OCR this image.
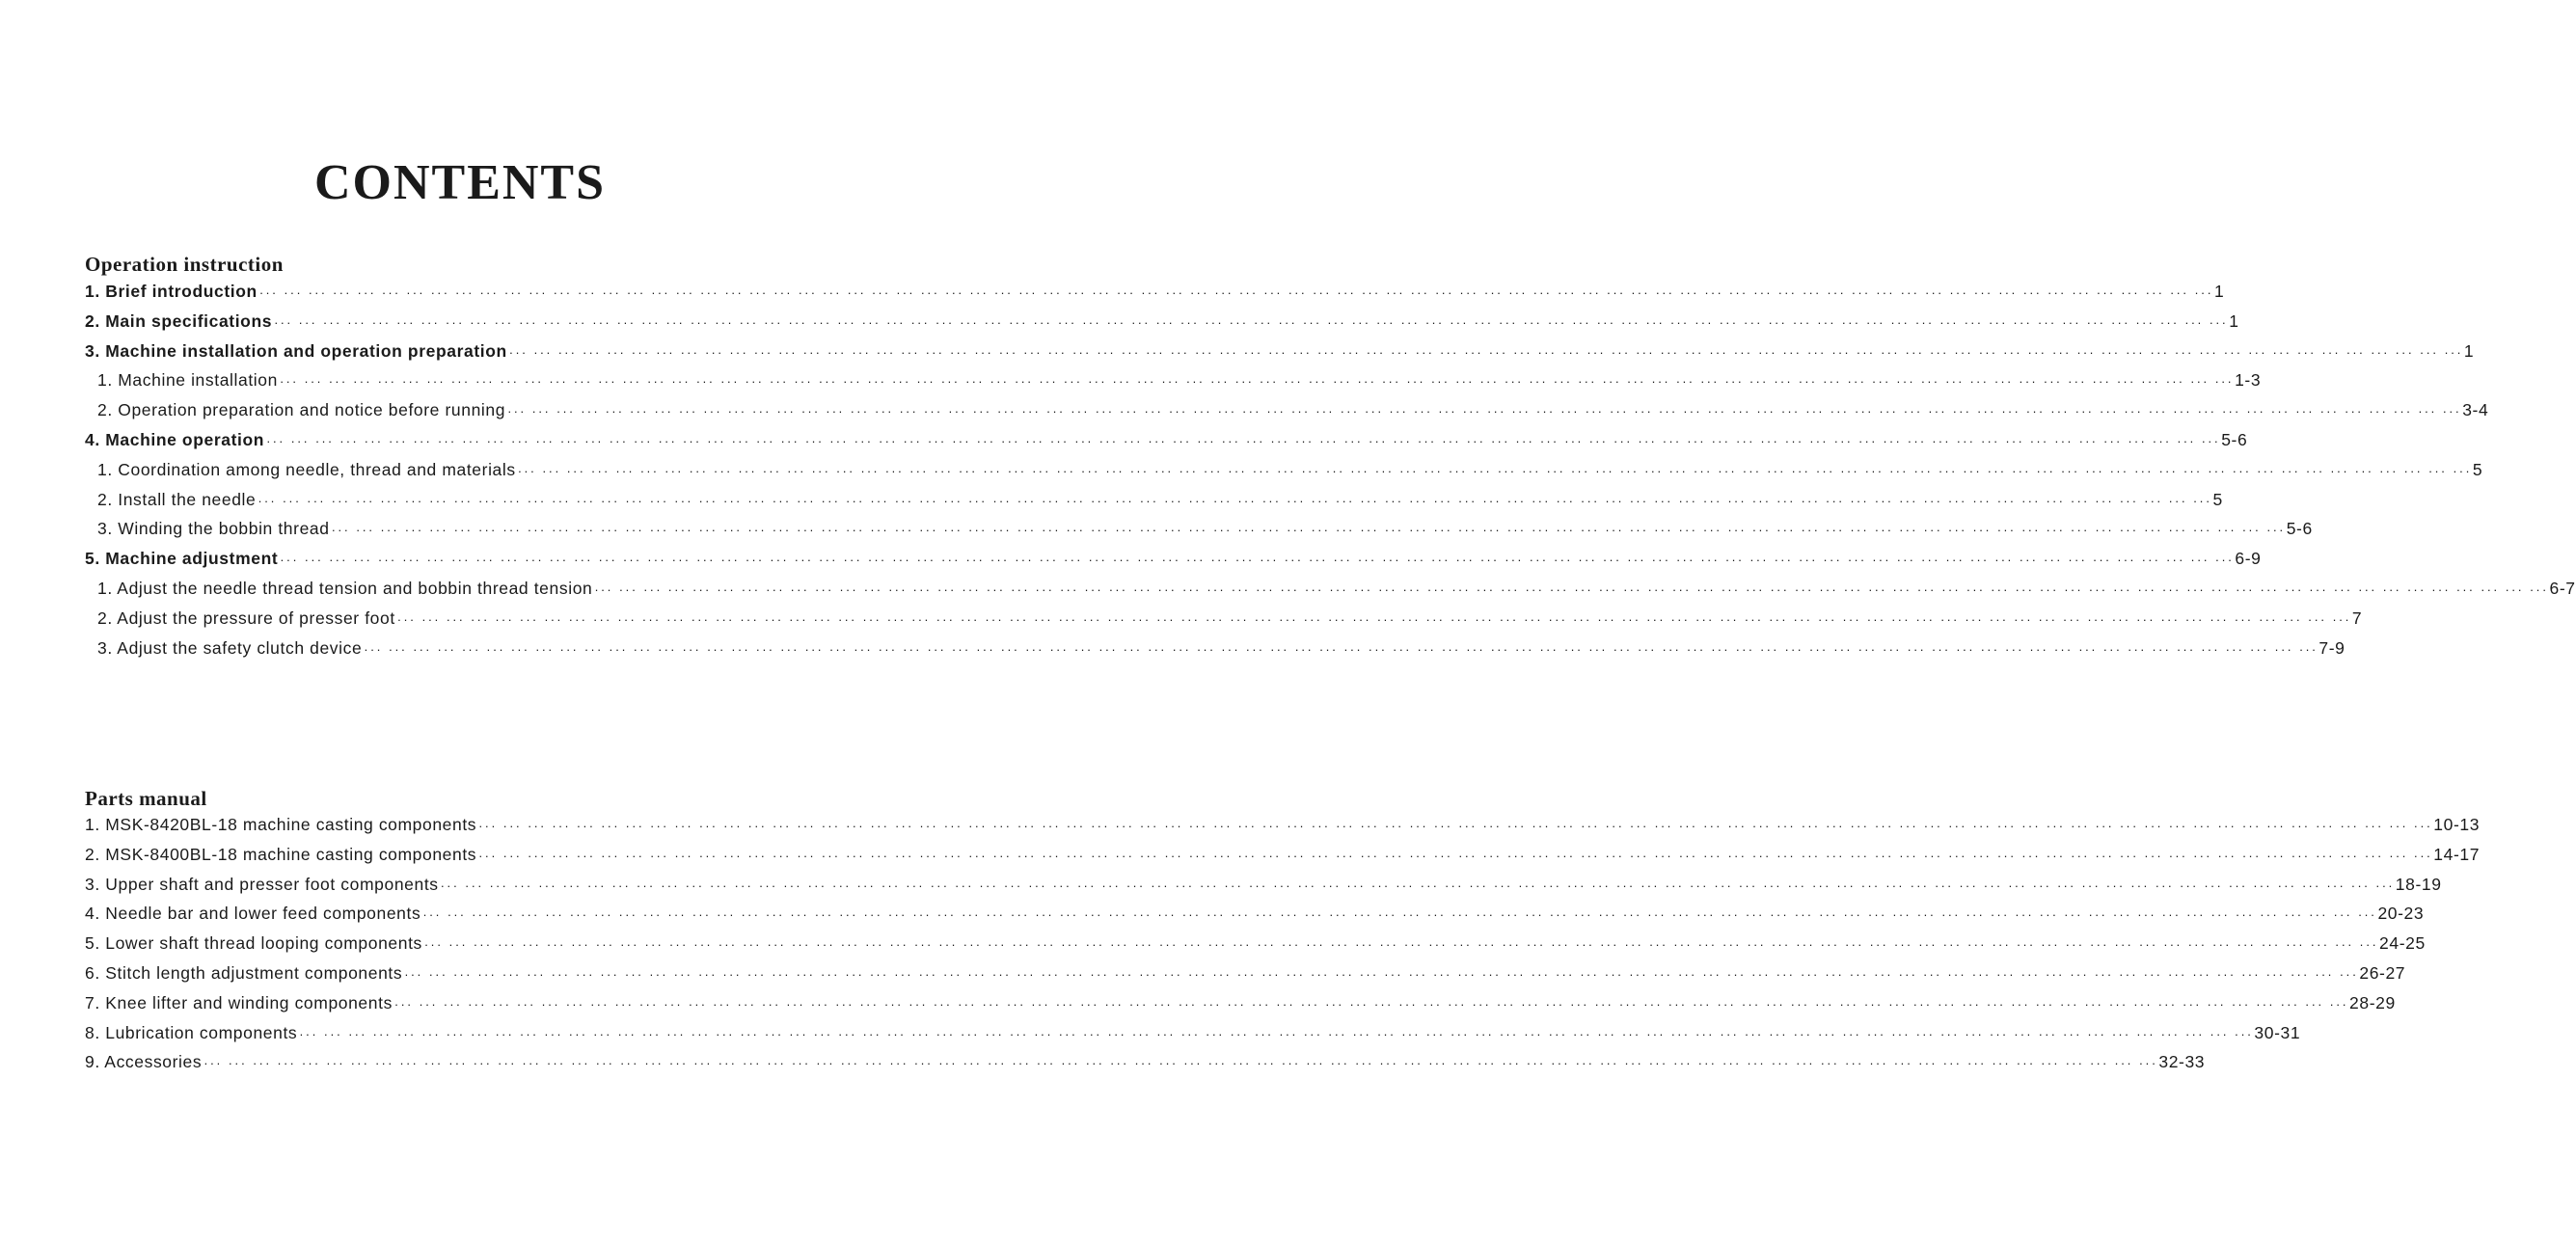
CONTENTS
Operation instruction
1. Brief introduction ··· ··· ··· ··· ··· ··· ··· ··· ··· ··· ··· ··· ··· ··· ··· ··· ··· ··· ··· ··· ··· ··· ··· ··· ··· ··· ··· ··· ··· ··· ··· ··· ··· ··· ··· ··· ··· ··· ··· ··· ··· ··· ··· ··· ··· ··· ··· ··· ··· ··· ··· ··· ··· ··· ··· ··· ··· ··· ··· ··· ··· ··· ··· ··· ··· ··· ··· ··· ··· ··· ··· ··· ··· ··· ··· ··· ··· ··· ··· ··· 1
2. Main specifications ··· ··· ··· ··· ··· ··· ··· ··· ··· ··· ··· ··· ··· ··· ··· ··· ··· ··· ··· ··· ··· ··· ··· ··· ··· ··· ··· ··· ··· ··· ··· ··· ··· ··· ··· ··· ··· ··· ··· ··· ··· ··· ··· ··· ··· ··· ··· ··· ··· ··· ··· ··· ··· ··· ··· ··· ··· ··· ··· ··· ··· ··· ··· ··· ··· ··· ··· ··· ··· ··· ··· ··· ··· ··· ··· ··· ··· ··· ··· ··· 1
3. Machine installation and operation preparation ··· ··· ··· ··· ··· ··· ··· ··· ··· ··· ··· ··· ··· ··· ··· ··· ··· ··· ··· ··· ··· ··· ··· ··· ··· ··· ··· ··· ··· ··· ··· ··· ··· ··· ··· ··· ··· ··· ··· ··· ··· ··· ··· ··· ··· ··· ··· ··· ··· ··· ··· ··· ··· ··· ··· ··· ··· ··· ··· ··· ··· ··· ··· ··· ··· ··· ··· ··· ··· ··· ··· ··· ··· ··· ··· ··· ··· ··· ··· ··· 1
1. Machine installation ··· ··· ··· ··· ··· ··· ··· ··· ··· ··· ··· ··· ··· ··· ··· ··· ··· ··· ··· ··· ··· ··· ··· ··· ··· ··· ··· ··· ··· ··· ··· ··· ··· ··· ··· ··· ··· ··· ··· ··· ··· ··· ··· ··· ··· ··· ··· ··· ··· ··· ··· ··· ··· ··· ··· ··· ··· ··· ··· ··· ··· ··· ··· ··· ··· ··· ··· ··· ··· ··· ··· ··· ··· ··· ··· ··· ··· ··· ··· ··· 1-3
2. Operation preparation and notice before running ··· ··· ··· ··· ··· ··· ··· ··· ··· ··· ··· ··· ··· ··· ··· ··· ··· ··· ··· ··· ··· ··· ··· ··· ··· ··· ··· ··· ··· ··· ··· ··· ··· ··· ··· ··· ··· ··· ··· ··· ··· ··· ··· ··· ··· ··· ··· ··· ··· ··· ··· ··· ··· ··· ··· ··· ··· ··· ··· ··· ··· ··· ··· ··· ··· ··· ··· ··· ··· ··· ··· ··· ··· ··· ··· ··· ··· ··· ··· ··· 3-4
4. Machine operation ··· ··· ··· ··· ··· ··· ··· ··· ··· ··· ··· ··· ··· ··· ··· ··· ··· ··· ··· ··· ··· ··· ··· ··· ··· ··· ··· ··· ··· ··· ··· ··· ··· ··· ··· ··· ··· ··· ··· ··· ··· ··· ··· ··· ··· ··· ··· ··· ··· ··· ··· ··· ··· ··· ··· ··· ··· ··· ··· ··· ··· ··· ··· ··· ··· ··· ··· ··· ··· ··· ··· ··· ··· ··· ··· ··· ··· ··· ··· ··· 5-6
1. Coordination among needle, thread and materials ··· ··· ··· ··· ··· ··· ··· ··· ··· ··· ··· ··· ··· ··· ··· ··· ··· ··· ··· ··· ··· ··· ··· ··· ··· ··· ··· ··· ··· ··· ··· ··· ··· ··· ··· ··· ··· ··· ··· ··· ··· ··· ··· ··· ··· ··· ··· ··· ··· ··· ··· ··· ··· ··· ··· ··· ··· ··· ··· ··· ··· ··· ··· ··· ··· ··· ··· ··· ··· ··· ··· ··· ··· ··· ··· ··· ··· ··· ··· ··· 5
2. Install the needle ··· ··· ··· ··· ··· ··· ··· ··· ··· ··· ··· ··· ··· ··· ··· ··· ··· ··· ··· ··· ··· ··· ··· ··· ··· ··· ··· ··· ··· ··· ··· ··· ··· ··· ··· ··· ··· ··· ··· ··· ··· ··· ··· ··· ··· ··· ··· ··· ··· ··· ··· ··· ··· ··· ··· ··· ··· ··· ··· ··· ··· ··· ··· ··· ··· ··· ··· ··· ··· ··· ··· ··· ··· ··· ··· ··· ··· ··· ··· ··· 5
3. Winding the bobbin thread ··· ··· ··· ··· ··· ··· ··· ··· ··· ··· ··· ··· ··· ··· ··· ··· ··· ··· ··· ··· ··· ··· ··· ··· ··· ··· ··· ··· ··· ··· ··· ··· ··· ··· ··· ··· ··· ··· ··· ··· ··· ··· ··· ··· ··· ··· ··· ··· ··· ··· ··· ··· ··· ··· ··· ··· ··· ··· ··· ··· ··· ··· ··· ··· ··· ··· ··· ··· ··· ··· ··· ··· ··· ··· ··· ··· ··· ··· ··· ··· 5-6
5. Machine adjustment ··· ··· ··· ··· ··· ··· ··· ··· ··· ··· ··· ··· ··· ··· ··· ··· ··· ··· ··· ··· ··· ··· ··· ··· ··· ··· ··· ··· ··· ··· ··· ··· ··· ··· ··· ··· ··· ··· ··· ··· ··· ··· ··· ··· ··· ··· ··· ··· ··· ··· ··· ··· ··· ··· ··· ··· ··· ··· ··· ··· ··· ··· ··· ··· ··· ··· ··· ··· ··· ··· ··· ··· ··· ··· ··· ··· ··· ··· ··· ··· 6-9
1. Adjust the needle thread tension and bobbin thread tension ··· ··· ··· ··· ··· ··· ··· ··· ··· ··· ··· ··· ··· ··· ··· ··· ··· ··· ··· ··· ··· ··· ··· ··· ··· ··· ··· ··· ··· ··· ··· ··· ··· ··· ··· ··· ··· ··· ··· ··· ··· ··· ··· ··· ··· ··· ··· ··· ··· ··· ··· ··· ··· ··· ··· ··· ··· ··· ··· ··· ··· ··· ··· ··· ··· ··· ··· ··· ··· ··· ··· ··· ··· ··· ··· ··· ··· ··· ··· ··· 6-7
2. Adjust the pressure of presser foot ··· ··· ··· ··· ··· ··· ··· ··· ··· ··· ··· ··· ··· ··· ··· ··· ··· ··· ··· ··· ··· ··· ··· ··· ··· ··· ··· ··· ··· ··· ··· ··· ··· ··· ··· ··· ··· ··· ··· ··· ··· ··· ··· ··· ··· ··· ··· ··· ··· ··· ··· ··· ··· ··· ··· ··· ··· ··· ··· ··· ··· ··· ··· ··· ··· ··· ··· ··· ··· ··· ··· ··· ··· ··· ··· ··· ··· ··· ··· ··· 7
3. Adjust the safety clutch device ··· ··· ··· ··· ··· ··· ··· ··· ··· ··· ··· ··· ··· ··· ··· ··· ··· ··· ··· ··· ··· ··· ··· ··· ··· ··· ··· ··· ··· ··· ··· ··· ··· ··· ··· ··· ··· ··· ··· ··· ··· ··· ··· ··· ··· ··· ··· ··· ··· ··· ··· ··· ··· ··· ··· ··· ··· ··· ··· ··· ··· ··· ··· ··· ··· ··· ··· ··· ··· ··· ··· ··· ··· ··· ··· ··· ··· ··· ··· ··· 7-9
Parts manual
1. MSK-8420BL-18 machine casting components ··· ··· ··· ··· ··· ··· ··· ··· ··· ··· ··· ··· ··· ··· ··· ··· ··· ··· ··· ··· ··· ··· ··· ··· ··· ··· ··· ··· ··· ··· ··· ··· ··· ··· ··· ··· ··· ··· ··· ··· ··· ··· ··· ··· ··· ··· ··· ··· ··· ··· ··· ··· ··· ··· ··· ··· ··· ··· ··· ··· ··· ··· ··· ··· ··· ··· ··· ··· ··· ··· ··· ··· ··· ··· ··· ··· ··· ··· ··· ··· 10-13
2. MSK-8400BL-18 machine casting components ··· ··· ··· ··· ··· ··· ··· ··· ··· ··· ··· ··· ··· ··· ··· ··· ··· ··· ··· ··· ··· ··· ··· ··· ··· ··· ··· ··· ··· ··· ··· ··· ··· ··· ··· ··· ··· ··· ··· ··· ··· ··· ··· ··· ··· ··· ··· ··· ··· ··· ··· ··· ··· ··· ··· ··· ··· ··· ··· ··· ··· ··· ··· ··· ··· ··· ··· ··· ··· ··· ··· ··· ··· ··· ··· ··· ··· ··· ··· ··· 14-17
3. Upper shaft and presser foot components ··· ··· ··· ··· ··· ··· ··· ··· ··· ··· ··· ··· ··· ··· ··· ··· ··· ··· ··· ··· ··· ··· ··· ··· ··· ··· ··· ··· ··· ··· ··· ··· ··· ··· ··· ··· ··· ··· ··· ··· ··· ··· ··· ··· ··· ··· ··· ··· ··· ··· ··· ··· ··· ··· ··· ··· ··· ··· ··· ··· ··· ··· ··· ··· ··· ··· ··· ··· ··· ··· ··· ··· ··· ··· ··· ··· ··· ··· ··· ··· 18-19
4. Needle bar and lower feed components ··· ··· ··· ··· ··· ··· ··· ··· ··· ··· ··· ··· ··· ··· ··· ··· ··· ··· ··· ··· ··· ··· ··· ··· ··· ··· ··· ··· ··· ··· ··· ··· ··· ··· ··· ··· ··· ··· ··· ··· ··· ··· ··· ··· ··· ··· ··· ··· ··· ··· ··· ··· ··· ··· ··· ··· ··· ··· ··· ··· ··· ··· ··· ··· ··· ··· ··· ··· ··· ··· ··· ··· ··· ··· ··· ··· ··· ··· ··· ··· 20-23
5. Lower shaft thread looping components ··· ··· ··· ··· ··· ··· ··· ··· ··· ··· ··· ··· ··· ··· ··· ··· ··· ··· ··· ··· ··· ··· ··· ··· ··· ··· ··· ··· ··· ··· ··· ··· ··· ··· ··· ··· ··· ··· ··· ··· ··· ··· ··· ··· ··· ··· ··· ··· ··· ··· ··· ··· ··· ··· ··· ··· ··· ··· ··· ··· ··· ··· ··· ··· ··· ··· ··· ··· ··· ··· ··· ··· ··· ··· ··· ··· ··· ··· ··· ··· 24-25
6. Stitch length adjustment components ··· ··· ··· ··· ··· ··· ··· ··· ··· ··· ··· ··· ··· ··· ··· ··· ··· ··· ··· ··· ··· ··· ··· ··· ··· ··· ··· ··· ··· ··· ··· ··· ··· ··· ··· ··· ··· ··· ··· ··· ··· ··· ··· ··· ··· ··· ··· ··· ··· ··· ··· ··· ··· ··· ··· ··· ··· ··· ··· ··· ··· ··· ··· ··· ··· ··· ··· ··· ··· ··· ··· ··· ··· ··· ··· ··· ··· ··· ··· ··· 26-27
7. Knee lifter and winding components ··· ··· ··· ··· ··· ··· ··· ··· ··· ··· ··· ··· ··· ··· ··· ··· ··· ··· ··· ··· ··· ··· ··· ··· ··· ··· ··· ··· ··· ··· ··· ··· ··· ··· ··· ··· ··· ··· ··· ··· ··· ··· ··· ··· ··· ··· ··· ··· ··· ··· ··· ··· ··· ··· ··· ··· ··· ··· ··· ··· ··· ··· ··· ··· ··· ··· ··· ··· ··· ··· ··· ··· ··· ··· ··· ··· ··· ··· ··· ··· 28-29
8. Lubrication components ··· ··· ··· ··· ··· ··· ··· ··· ··· ··· ··· ··· ··· ··· ··· ··· ··· ··· ··· ··· ··· ··· ··· ··· ··· ··· ··· ··· ··· ··· ··· ··· ··· ··· ··· ··· ··· ··· ··· ··· ··· ··· ··· ··· ··· ··· ··· ··· ··· ··· ··· ··· ··· ··· ··· ··· ··· ··· ··· ··· ··· ··· ··· ··· ··· ··· ··· ··· ··· ··· ··· ··· ··· ··· ··· ··· ··· ··· ··· ··· 30-31
9. Accessories ··· ··· ··· ··· ··· ··· ··· ··· ··· ··· ··· ··· ··· ··· ··· ··· ··· ··· ··· ··· ··· ··· ··· ··· ··· ··· ··· ··· ··· ··· ··· ··· ··· ··· ··· ··· ··· ··· ··· ··· ··· ··· ··· ··· ··· ··· ··· ··· ··· ··· ··· ··· ··· ··· ··· ··· ··· ··· ··· ··· ··· ··· ··· ··· ··· ··· ··· ··· ··· ··· ··· ··· ··· ··· ··· ··· ··· ··· ··· ··· 32-33
